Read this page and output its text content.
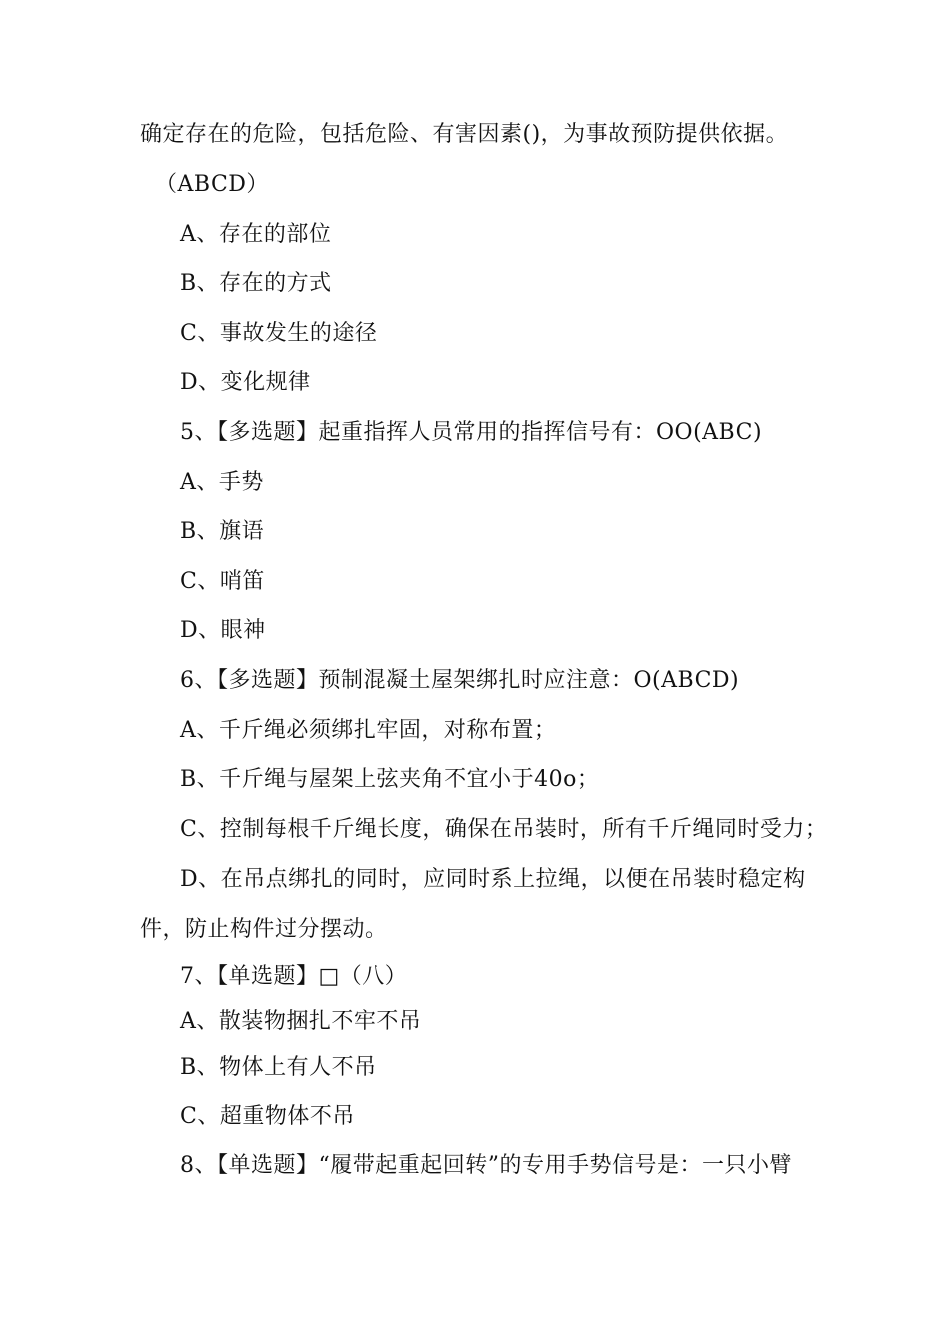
确定存在的危险，包括危险、有害因素()，为事故预防提供依据。
（ABCD）
A、存在的部位
B、存在的方式
C、事故发生的途径
D、变化规律
5、【多选题】起重指挥人员常用的指挥信号有：OO(ABC)
A、手势
B、旗语
C、哨笛
D、眼神
6、【多选题】预制混凝土屋架绑扎时应注意：O(ABCD)
A、千斤绳必须绑扎牢固，对称布置；
B、千斤绳与屋架上弦夹角不宜小于40o；
C、控制每根千斤绳长度，确保在吊装时，所有千斤绳同时受力；
D、在吊点绑扎的同时，应同时系上拉绳，以便在吊装时稳定构
件，防止构件过分摆动。
7、【单选题】□（八）
A、散装物捆扎不牢不吊
B、物体上有人不吊
C、超重物体不吊
8、【单选题】“履带起重起回转”的专用手势信号是：一只小臂
